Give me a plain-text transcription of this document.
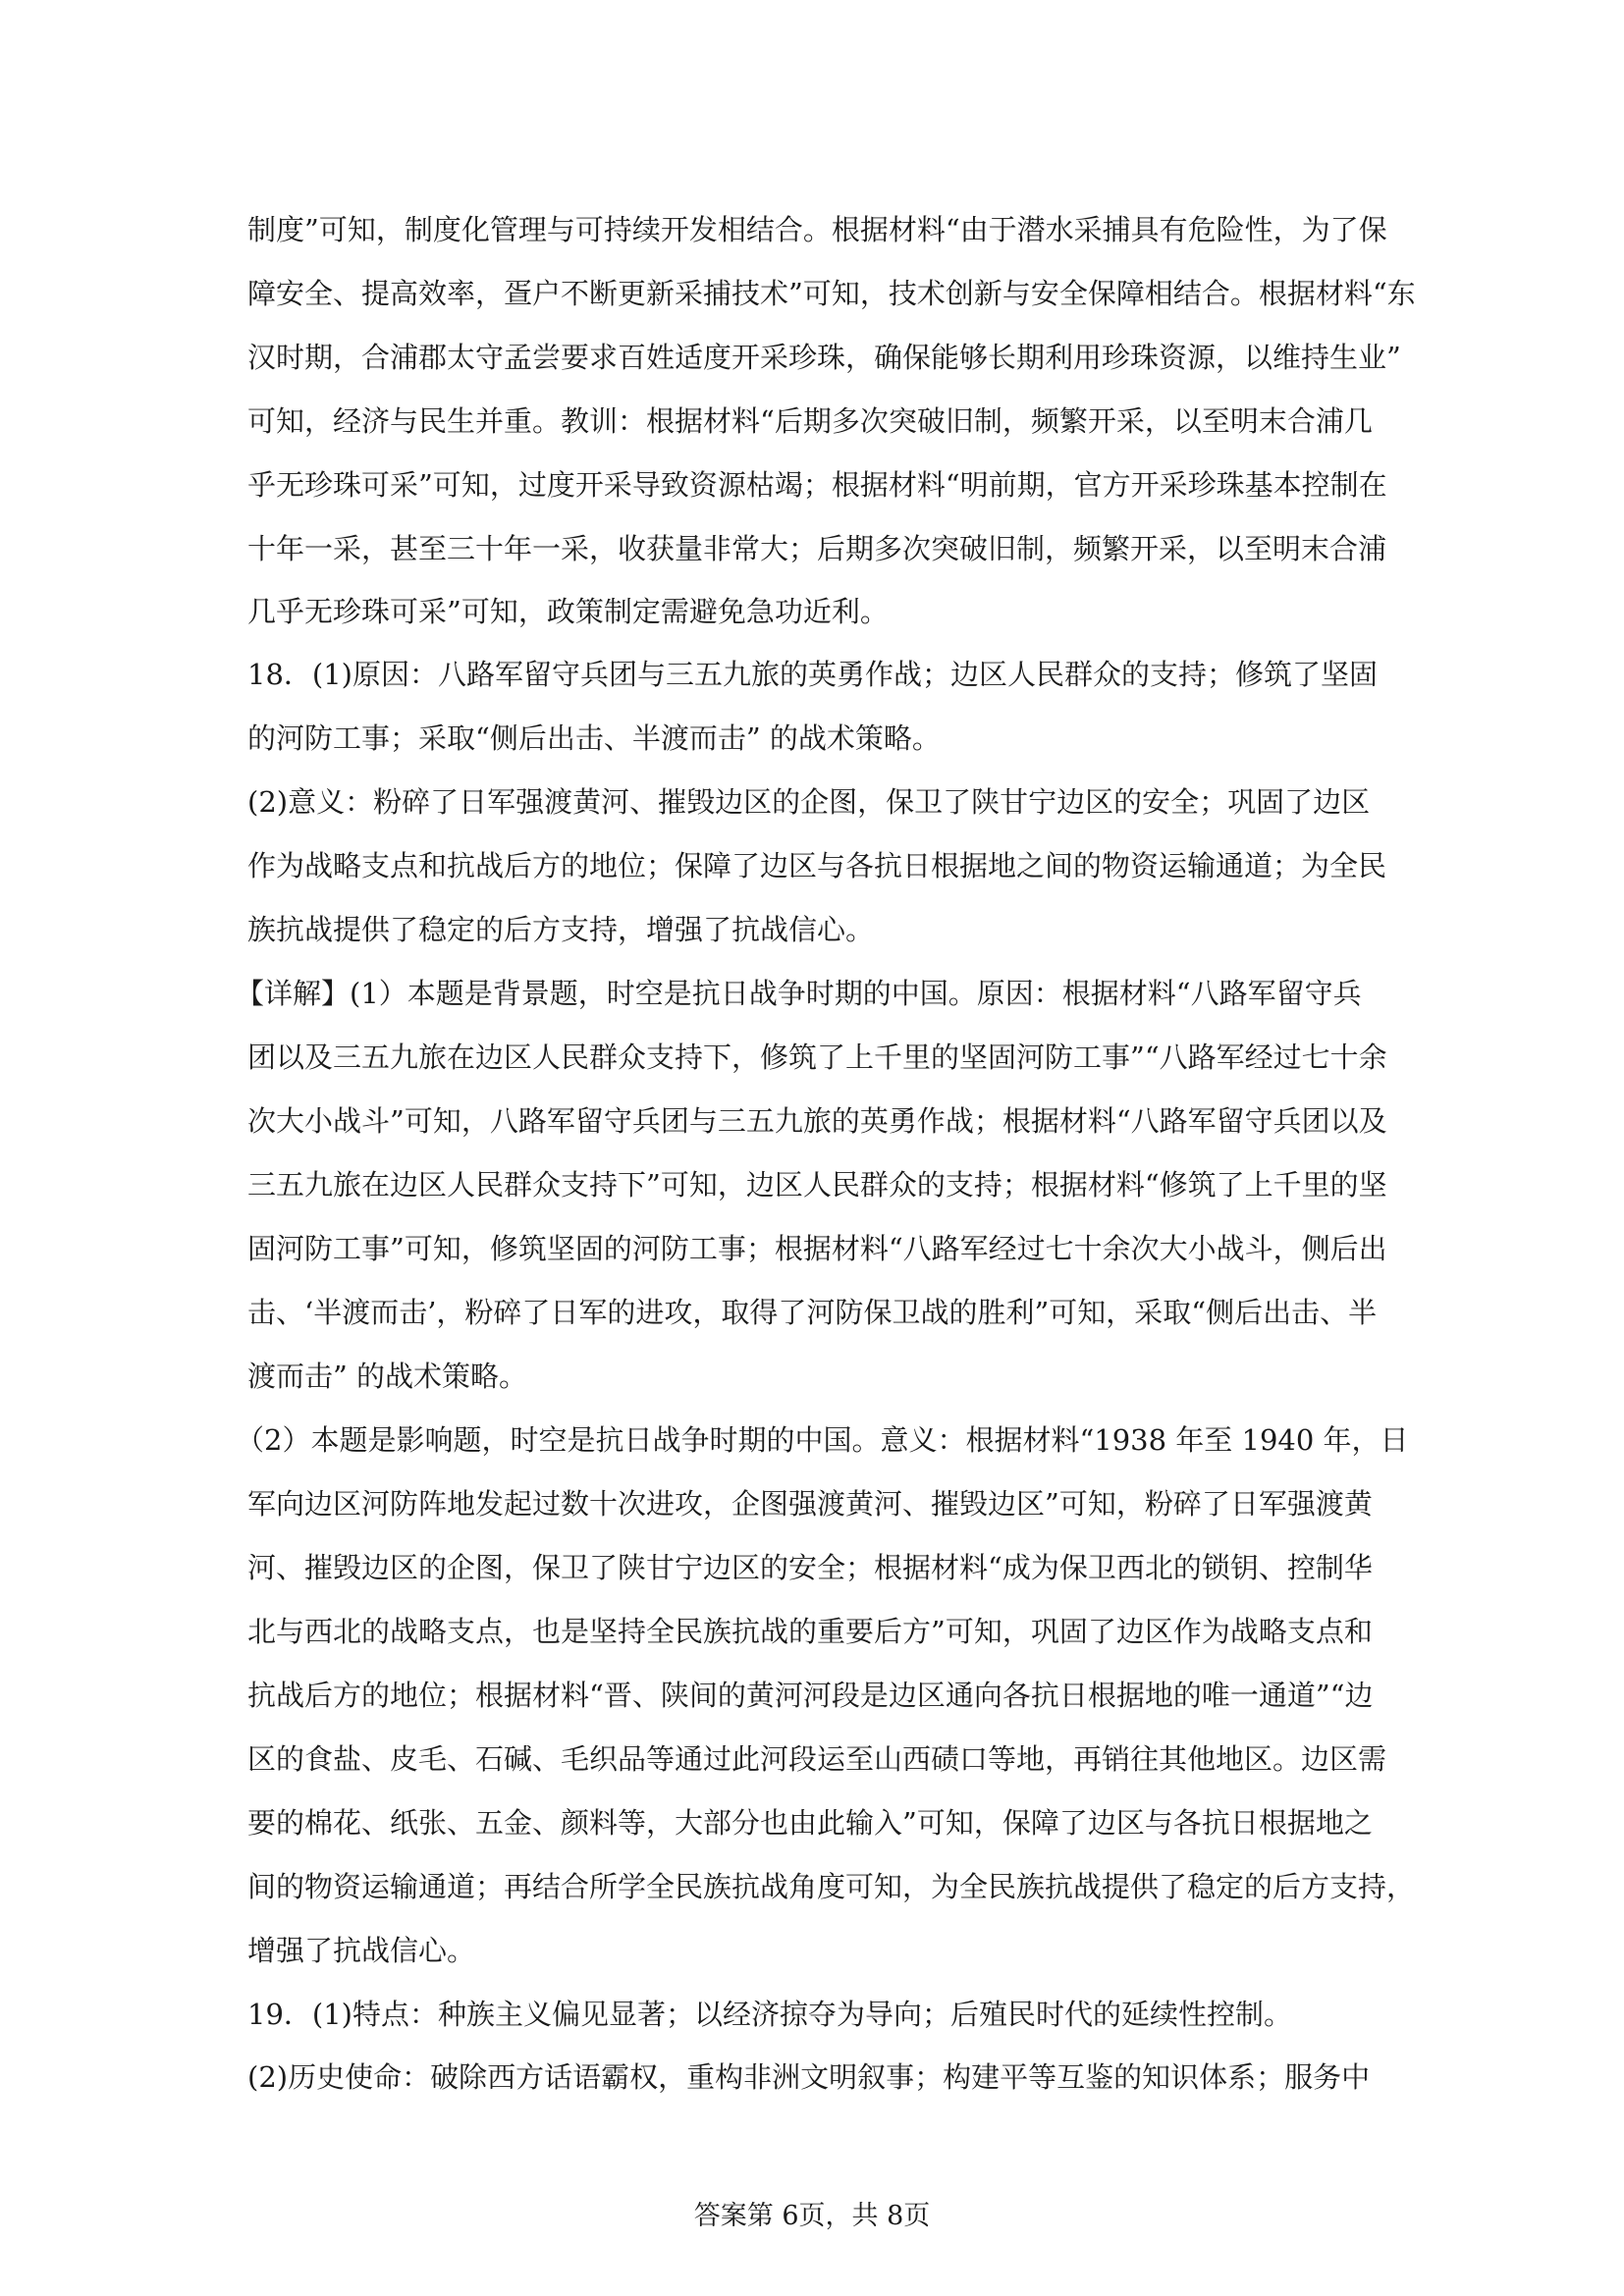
制度”可知，制度化管理与可持续开发相结合。根据材料“由于潜水采捕具有危险性，为了保
障安全、提高效率，疍户不断更新采捕技术”可知，技术创新与安全保障相结合。根据材料“东
汉时期，合浦郡太守孟尝要求百姓适度开采珍珠，确保能够长期利用珍珠资源，以维持生业”
可知，经济与民生并重。教训：根据材料“后期多次突破旧制，频繁开采，以至明末合浦几
乎无珍珠可采”可知，过度开采导致资源枯竭；根据材料“明前期，官方开采珍珠基本控制在
十年一采，甚至三十年一采，收获量非常大；后期多次突破旧制，频繁开采，以至明末合浦
几乎无珍珠可采”可知，政策制定需避免急功近利。
18．(1)原因：八路军留守兵团与三五九旅的英勇作战；边区人民群众的支持；修筑了坚固
的河防工事；采取“侧后出击、半渡而击” 的战术策略。
(2)意义：粉碎了日军强渡黄河、摧毁边区的企图，保卫了陕甘宁边区的安全；巩固了边区
作为战略支点和抗战后方的地位；保障了边区与各抗日根据地之间的物资运输通道；为全民
族抗战提供了稳定的后方支持，增强了抗战信心。
【详解】(1）本题是背景题，时空是抗日战争时期的中国。原因：根据材料“八路军留守兵
团以及三五九旅在边区人民群众支持下，修筑了上千里的坚固河防工事”“八路军经过七十余
次大小战斗”可知，八路军留守兵团与三五九旅的英勇作战；根据材料“八路军留守兵团以及
三五九旅在边区人民群众支持下”可知，边区人民群众的支持；根据材料“修筑了上千里的坚
固河防工事”可知，修筑坚固的河防工事；根据材料“八路军经过七十余次大小战斗，侧后出
击、‘半渡而击’，粉碎了日军的进攻，取得了河防保卫战的胜利”可知，采取“侧后出击、半
渡而击” 的战术策略。
（2）本题是影响题，时空是抗日战争时期的中国。意义：根据材料“1938 年至 1940 年，日
军向边区河防阵地发起过数十次进攻，企图强渡黄河、摧毁边区”可知，粉碎了日军强渡黄
河、摧毁边区的企图，保卫了陕甘宁边区的安全；根据材料“成为保卫西北的锁钥、控制华
北与西北的战略支点，也是坚持全民族抗战的重要后方”可知，巩固了边区作为战略支点和
抗战后方的地位；根据材料“晋、陕间的黄河河段是边区通向各抗日根据地的唯一通道”“边
区的食盐、皮毛、石碱、毛织品等通过此河段运至山西碛口等地，再销往其他地区。边区需
要的棉花、纸张、五金、颜料等，大部分也由此输入”可知，保障了边区与各抗日根据地之
间的物资运输通道；再结合所学全民族抗战角度可知，为全民族抗战提供了稳定的后方支持，
增强了抗战信心。
19．(1)特点：种族主义偏见显著；以经济掠夺为导向；后殖民时代的延续性控制。
(2)历史使命：破除西方话语霸权，重构非洲文明叙事；构建平等互鉴的知识体系；服务中
答案第 6页，共 8页
